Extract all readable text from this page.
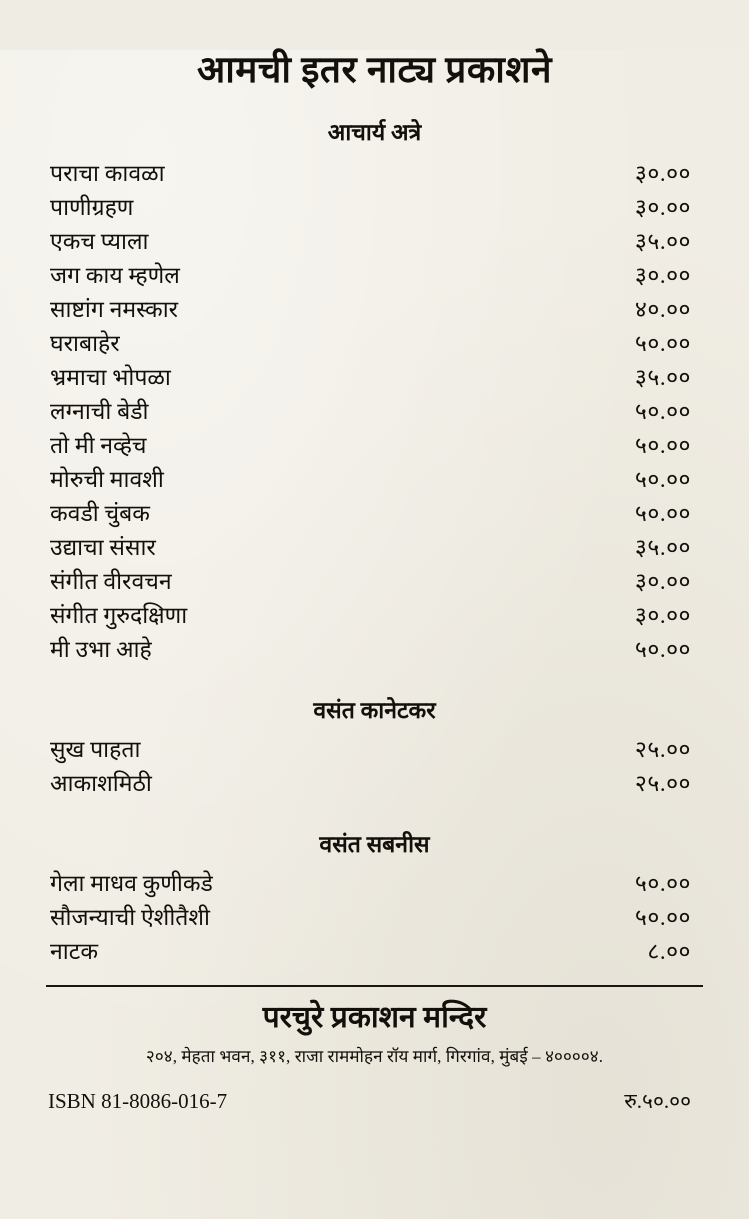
आमची इतर नाट्य प्रकाशने
आचार्य अत्रे
पराचा कावळा	३०.००
पाणीग्रहण	३०.००
एकच प्याला	३५.००
जग काय म्हणेल	३०.००
साष्टांग नमस्कार	४०.००
घराबाहेर	५०.००
भ्रमाचा भोपळा	३५.००
लग्नाची बेडी	५०.००
तो मी नव्हेच	५०.००
मोरुची मावशी	५०.००
कवडी चुंबक	५०.००
उद्याचा संसार	३५.००
संगीत वीरवचन	३०.००
संगीत गुरुदक्षिणा	३०.००
मी उभा आहे	५०.००
वसंत कानेटकर
सुख पाहता	२५.००
आकाशमिठी	२५.००
वसंत सबनीस
गेला माधव कुणीकडे	५०.००
सौजन्याची ऐशीतैशी	५०.००
नाटक	८.००
परचुरे प्रकाशन मन्दिर
२०४, मेहता भवन, ३११, राजा राममोहन रॉय मार्ग, गिरगांव, मुंबई – ४००००४.
ISBN 81-8086-016-7	रु.५०.००
